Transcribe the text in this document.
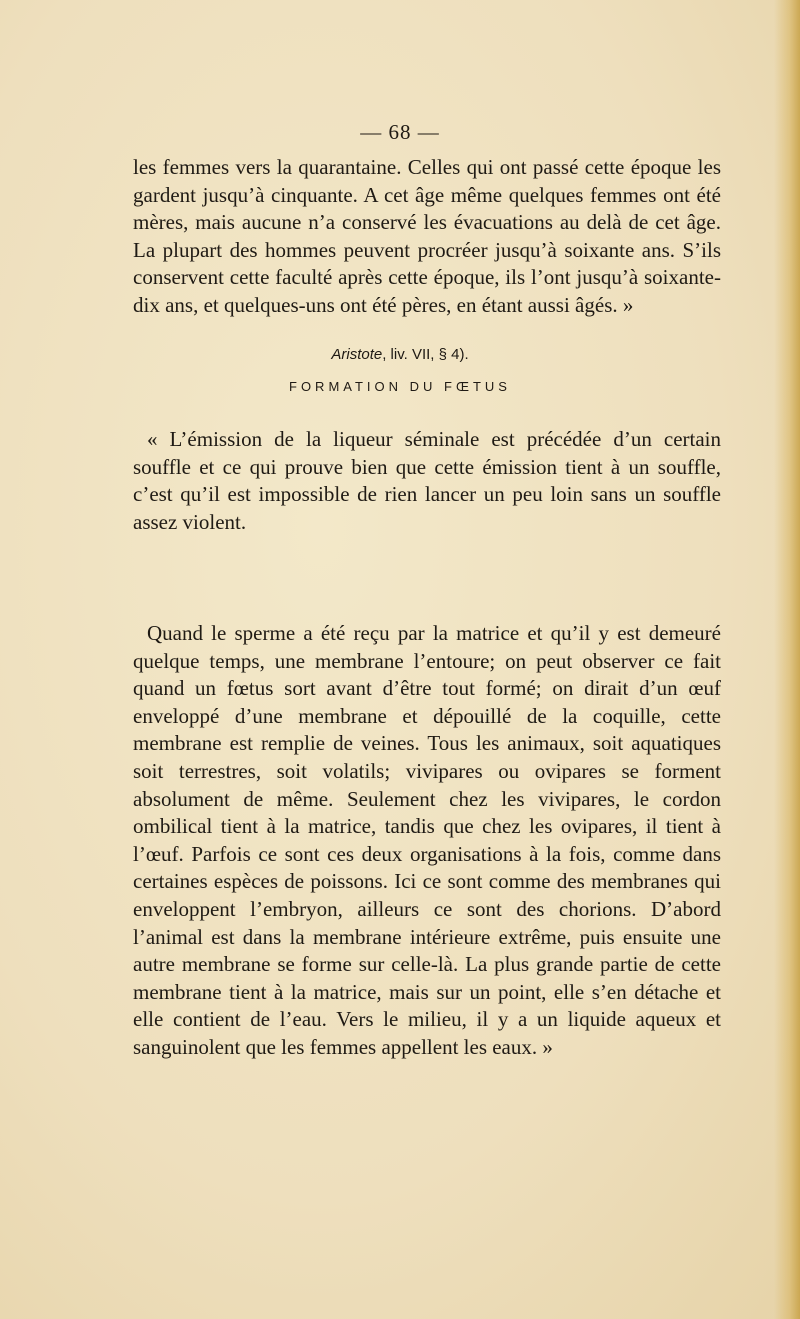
— 68 —

les femmes vers la quarantaine. Celles qui ont passé cette époque les gardent jusqu’à cinquante. A cet âge même quelques femmes ont été mères, mais aucune n’a conservé les évacuations au delà de cet âge. La plupart des hommes peuvent procréer jusqu’à soixante ans. S’ils conservent cette faculté après cette époque, ils l’ont jusqu’à soixante-dix ans, et quelques-uns ont été pères, en étant aussi âgés. »

Aristote, liv. VII, § 4).
FORMATION DU FŒTUS

« L’émission de la liqueur séminale est précédée d’un certain souffle et ce qui prouve bien que cette émission tient à un souffle, c’est qu’il est impossible de rien lancer un peu loin sans un souffle assez violent.

Quand le sperme a été reçu par la matrice et qu’il y est demeuré quelque temps, une membrane l’entoure; on peut observer ce fait quand un fœtus sort avant d’être tout formé; on dirait d’un œuf enveloppé d’une membrane et dépouillé de la coquille, cette membrane est remplie de veines. Tous les animaux, soit aquatiques soit terrestres, soit volatils; vivipares ou ovipares se forment absolument de même. Seulement chez les vivipares, le cordon ombilical tient à la matrice, tandis que chez les ovipares, il tient à l’œuf. Parfois ce sont ces deux organisations à la fois, comme dans certaines espèces de poissons. Ici ce sont comme des membranes qui enveloppent l’embryon, ailleurs ce sont des chorions. D’abord l’animal est dans la membrane intérieure extrême, puis ensuite une autre membrane se forme sur celle-là. La plus grande partie de cette membrane tient à la matrice, mais sur un point, elle s’en détache et elle contient de l’eau. Vers le milieu, il y a un liquide aqueux et sanguinolent que les femmes appellent les eaux. »
